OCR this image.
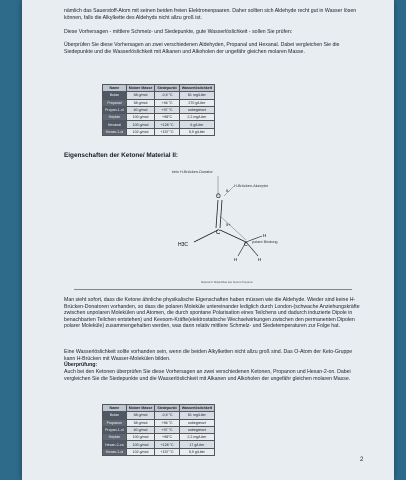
nämlich das Sauerstoff-Atom mit seinen beiden freien Elektronenpaaren. Daher sollten sich Aldehyde recht gut in Wasser lösen können, falls die Alkylkette des Aldehyds nicht allzu groß ist.

Diese Vorhersagen - mittlere Schmelz- und Siedepunkte, gute Wasserlöslichkeit - sollen Sie prüfen:

Überprüfen Sie diese Vorhersagen an zwei verschiedenen Aldehyden, Propanal und Hexanal. Dabei vergleichen Sie die Siedepunkte und die Wasserlöslichkeit mit Alkanen und Alkoholen der ungefähr gleichen molaren Masse.

Name	Molare Masse	Siedepunkt	Wasserlöslichkeit
Butan	58 g/mol	-0,5 °C	61 mg/Liter
Propanal	58 g/mol	+46 °C	270 g/Liter
Propan-1-ol	60 g/mol	+97 °C	unbegrenzt
Heptan	100 g/mol	+98°C	2,2 mg/Liter
Hexanal	100 g/mol	+128 °C	6 g/Liter
Hexan-1-ol	102 g/mol	+157 °C	5,9 g/Liter

Eigenschaften der Ketone/ Material II:

O
C
H3C	C
H
H
H
δ-
δ+
kein H-Brücken-Donator
H-Brücken-Akzeptor
polare Bindung
Material II: Molekülbau des Ketons Propanon

Man sieht sofort, dass die Ketone ähnliche physikalische Eigenschaften haben müssen wie die Aldehyde. Wieder sind keine H-Brücken-Donatoren vorhanden, so dass die polaren Moleküle untereinander lediglich durch London-(schwache Anziehungskräfte zwischen unpolaren Molekülen und Atomen, die durch spontane Polarisation eines Teilchens und dadurch induzierte Dipole in benachbarten Teilchen entstehen) und Keesom-Kräfte(elektrostatische Wechselwirkungen zwischen den permanenten Dipolen polarer Moleküle) zusammengehalten werden, was dann relativ mittlere Schmelz- und Siedetemperaturen zur Folge hat.

Eine Wasserlöslichkeit sollte vorhanden sein, wenn die beiden Alkylketten nicht allzu groß sind. Das O-Atom der Keto-Gruppe kann H-Brücken mit Wasser-Molekülen bilden.

Überprüfung:

Auch bei den Ketonen überprüfen Sie diese Vorhersagen an zwei verschiedenen Ketonen, Propanon und Hexan-2-on. Dabei vergleichen Sie die Siedepunkte und die Wasserlöslichkeit mit Alkanen und Alkoholen der ungefähr gleichen molaren Masse.

Name	Molare Masse	Siedepunkt	Wasserlöslichkeit
Butan	58 g/mol	-0,5 °C	61 mg/Liter
Propanon	58 g/mol	+56 °C	unbegrenzt
Propan-1-ol	60 g/mol	+97 °C	unbegrenzt
Heptan	100 g/mol	+98°C	2,2 mg/Liter
Hexan-2-on	100 g/mol	+128 °C	17 g/Liter
Hexan-1-ol	102 g/mol	+157 °C	5,9 g/Liter
2
